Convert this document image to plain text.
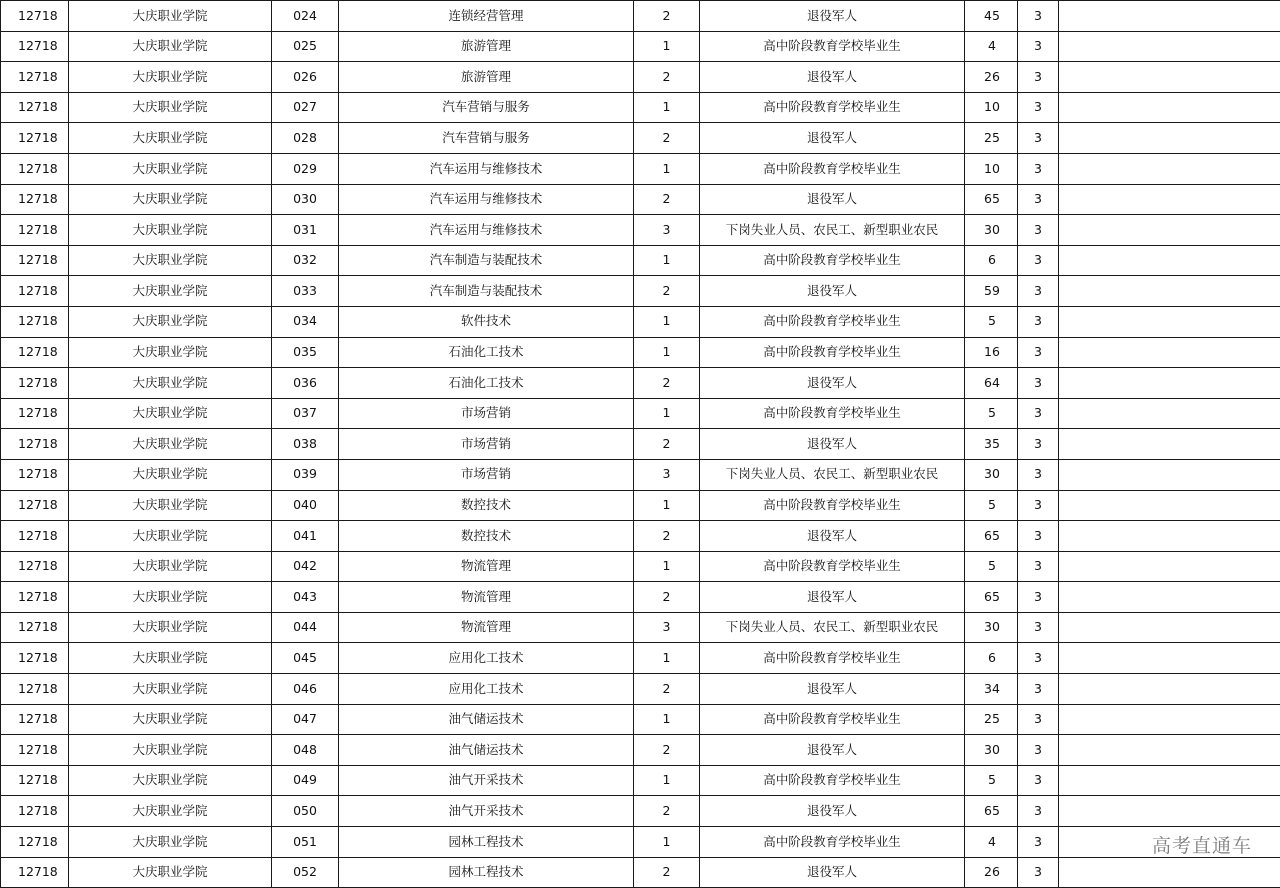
12718	大庆职业学院	024	连锁经营管理	2	退役军人	45	3	
12718	大庆职业学院	025	旅游管理	1	高中阶段教育学校毕业生	4	3	
12718	大庆职业学院	026	旅游管理	2	退役军人	26	3	
12718	大庆职业学院	027	汽车营销与服务	1	高中阶段教育学校毕业生	10	3	
12718	大庆职业学院	028	汽车营销与服务	2	退役军人	25	3	
12718	大庆职业学院	029	汽车运用与维修技术	1	高中阶段教育学校毕业生	10	3	
12718	大庆职业学院	030	汽车运用与维修技术	2	退役军人	65	3	
12718	大庆职业学院	031	汽车运用与维修技术	3	下岗失业人员、农民工、新型职业农民	30	3	
12718	大庆职业学院	032	汽车制造与装配技术	1	高中阶段教育学校毕业生	6	3	
12718	大庆职业学院	033	汽车制造与装配技术	2	退役军人	59	3	
12718	大庆职业学院	034	软件技术	1	高中阶段教育学校毕业生	5	3	
12718	大庆职业学院	035	石油化工技术	1	高中阶段教育学校毕业生	16	3	
12718	大庆职业学院	036	石油化工技术	2	退役军人	64	3	
12718	大庆职业学院	037	市场营销	1	高中阶段教育学校毕业生	5	3	
12718	大庆职业学院	038	市场营销	2	退役军人	35	3	
12718	大庆职业学院	039	市场营销	3	下岗失业人员、农民工、新型职业农民	30	3	
12718	大庆职业学院	040	数控技术	1	高中阶段教育学校毕业生	5	3	
12718	大庆职业学院	041	数控技术	2	退役军人	65	3	
12718	大庆职业学院	042	物流管理	1	高中阶段教育学校毕业生	5	3	
12718	大庆职业学院	043	物流管理	2	退役军人	65	3	
12718	大庆职业学院	044	物流管理	3	下岗失业人员、农民工、新型职业农民	30	3	
12718	大庆职业学院	045	应用化工技术	1	高中阶段教育学校毕业生	6	3	
12718	大庆职业学院	046	应用化工技术	2	退役军人	34	3	
12718	大庆职业学院	047	油气储运技术	1	高中阶段教育学校毕业生	25	3	
12718	大庆职业学院	048	油气储运技术	2	退役军人	30	3	
12718	大庆职业学院	049	油气开采技术	1	高中阶段教育学校毕业生	5	3	
12718	大庆职业学院	050	油气开采技术	2	退役军人	65	3	
12718	大庆职业学院	051	园林工程技术	1	高中阶段教育学校毕业生	4	3	
12718	大庆职业学院	052	园林工程技术	2	退役军人	26	3	
高考直通车
